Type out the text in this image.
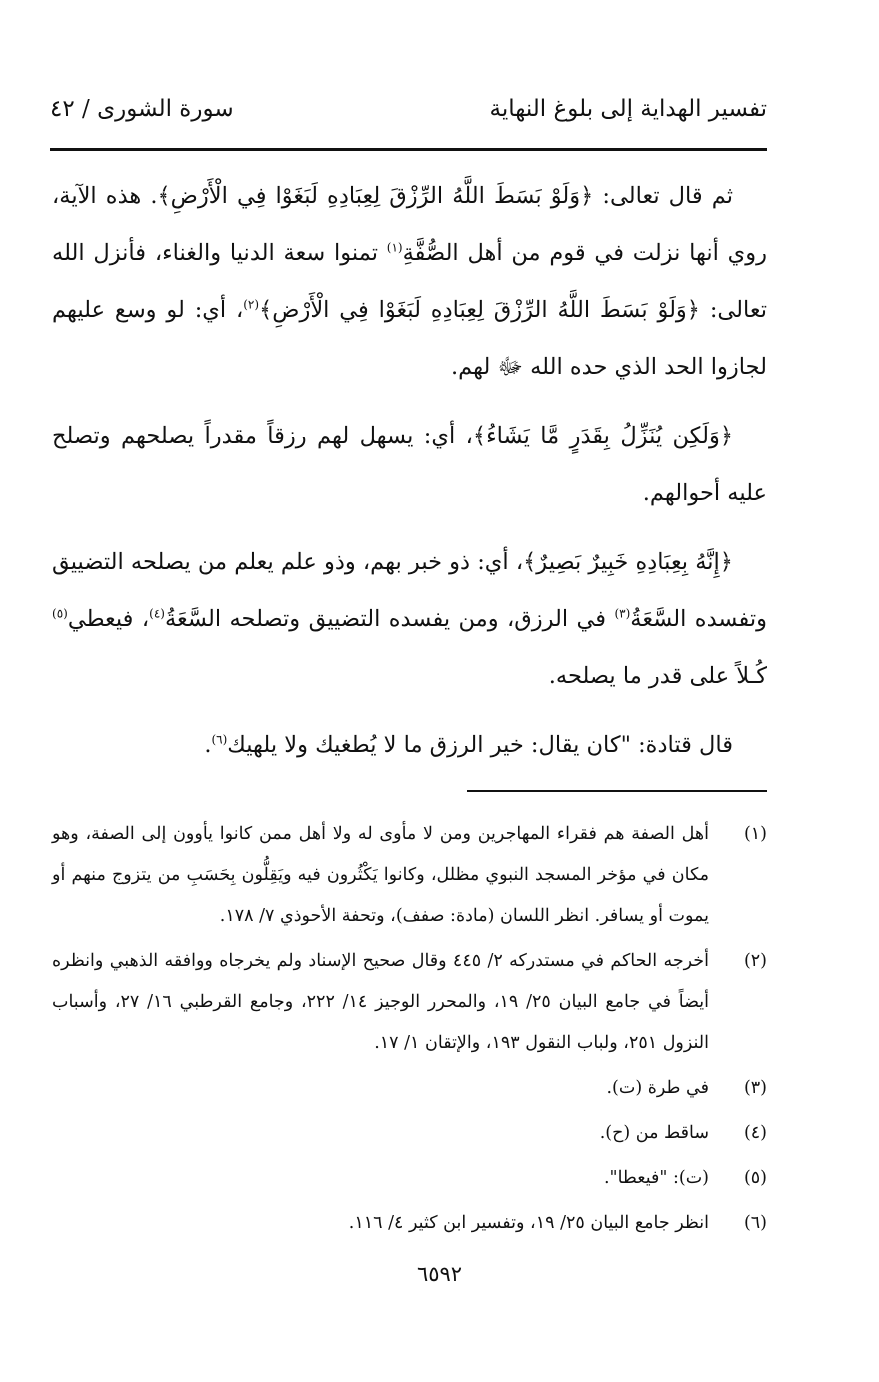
تفسير الهداية إلى بلوغ النهاية
سورة الشورى / ٤٢

ثم قال تعالى: ﴿وَلَوْ بَسَطَ اللَّهُ الرِّزْقَ لِعِبَادِهِ لَبَغَوْا فِي الْأَرْضِ﴾. هذه الآية، روي أنها نزلت في قوم من أهل الصُّفَّةِ$^{(١)}$ تمنوا سعة الدنيا والغناء، فأنزل الله تعالى: ﴿وَلَوْ بَسَطَ اللَّهُ الرِّزْقَ لِعِبَادِهِ لَبَغَوْا فِي الْأَرْضِ﴾$^{(٢)}$، أي: لو وسع عليهم لجازوا الحد الذي حده الله ﷻ لهم.

﴿وَلَكِن يُنَزِّلُ بِقَدَرٍ مَّا يَشَاءُ﴾، أي: يسهل لهم رزقاً مقدراً يصلحهم وتصلح عليه أحوالهم.

﴿إِنَّهُ بِعِبَادِهِ خَبِيرٌ بَصِيرٌ﴾، أي: ذو خبر بهم، وذو علم يعلم من يصلحه التضييق وتفسده السَّعَةُ$^{(٣)}$ في الرزق، ومن يفسده التضييق وتصلحه السَّعَةُ$^{(٤)}$، فيعطي$^{(٥)}$ كُـلاً على قدر ما يصلحه.

قال قتادة: "كان يقال: خير الرزق ما لا يُطغيك ولا يلهيك$^{(٦)}$.

(١)
أهل الصفة هم فقراء المهاجرين ومن لا مأوى له ولا أهل ممن كانوا يأوون إلى الصفة، وهو مكان في مؤخر المسجد النبوي مظلل، وكانوا يَكْثُرون فيه ويَقِلُّون بِحَسَبِ من يتزوج منهم أو يموت أو يسافر. انظر اللسان (مادة: صفف)، وتحفة الأحوذي ٧/ ١٧٨.
(٢)
أخرجه الحاكم في مستدركه ٢/ ٤٤٥ وقال صحيح الإسناد ولم يخرجاه ووافقه الذهبي وانظره أيضاً في جامع البيان ٢٥/ ١٩، والمحرر الوجيز ١٤/ ٢٢٢، وجامع القرطبي ١٦/ ٢٧، وأسباب النزول ٢٥١، ولباب النقول ١٩٣، والإتقان ١/ ١٧.
(٣)
في طرة (ت).
(٤)
ساقط من (ح).
(٥)
(ت): "فيعطا".
(٦)
انظر جامع البيان ٢٥/ ١٩، وتفسير ابن كثير ٤/ ١١٦.
٦٥٩٢
